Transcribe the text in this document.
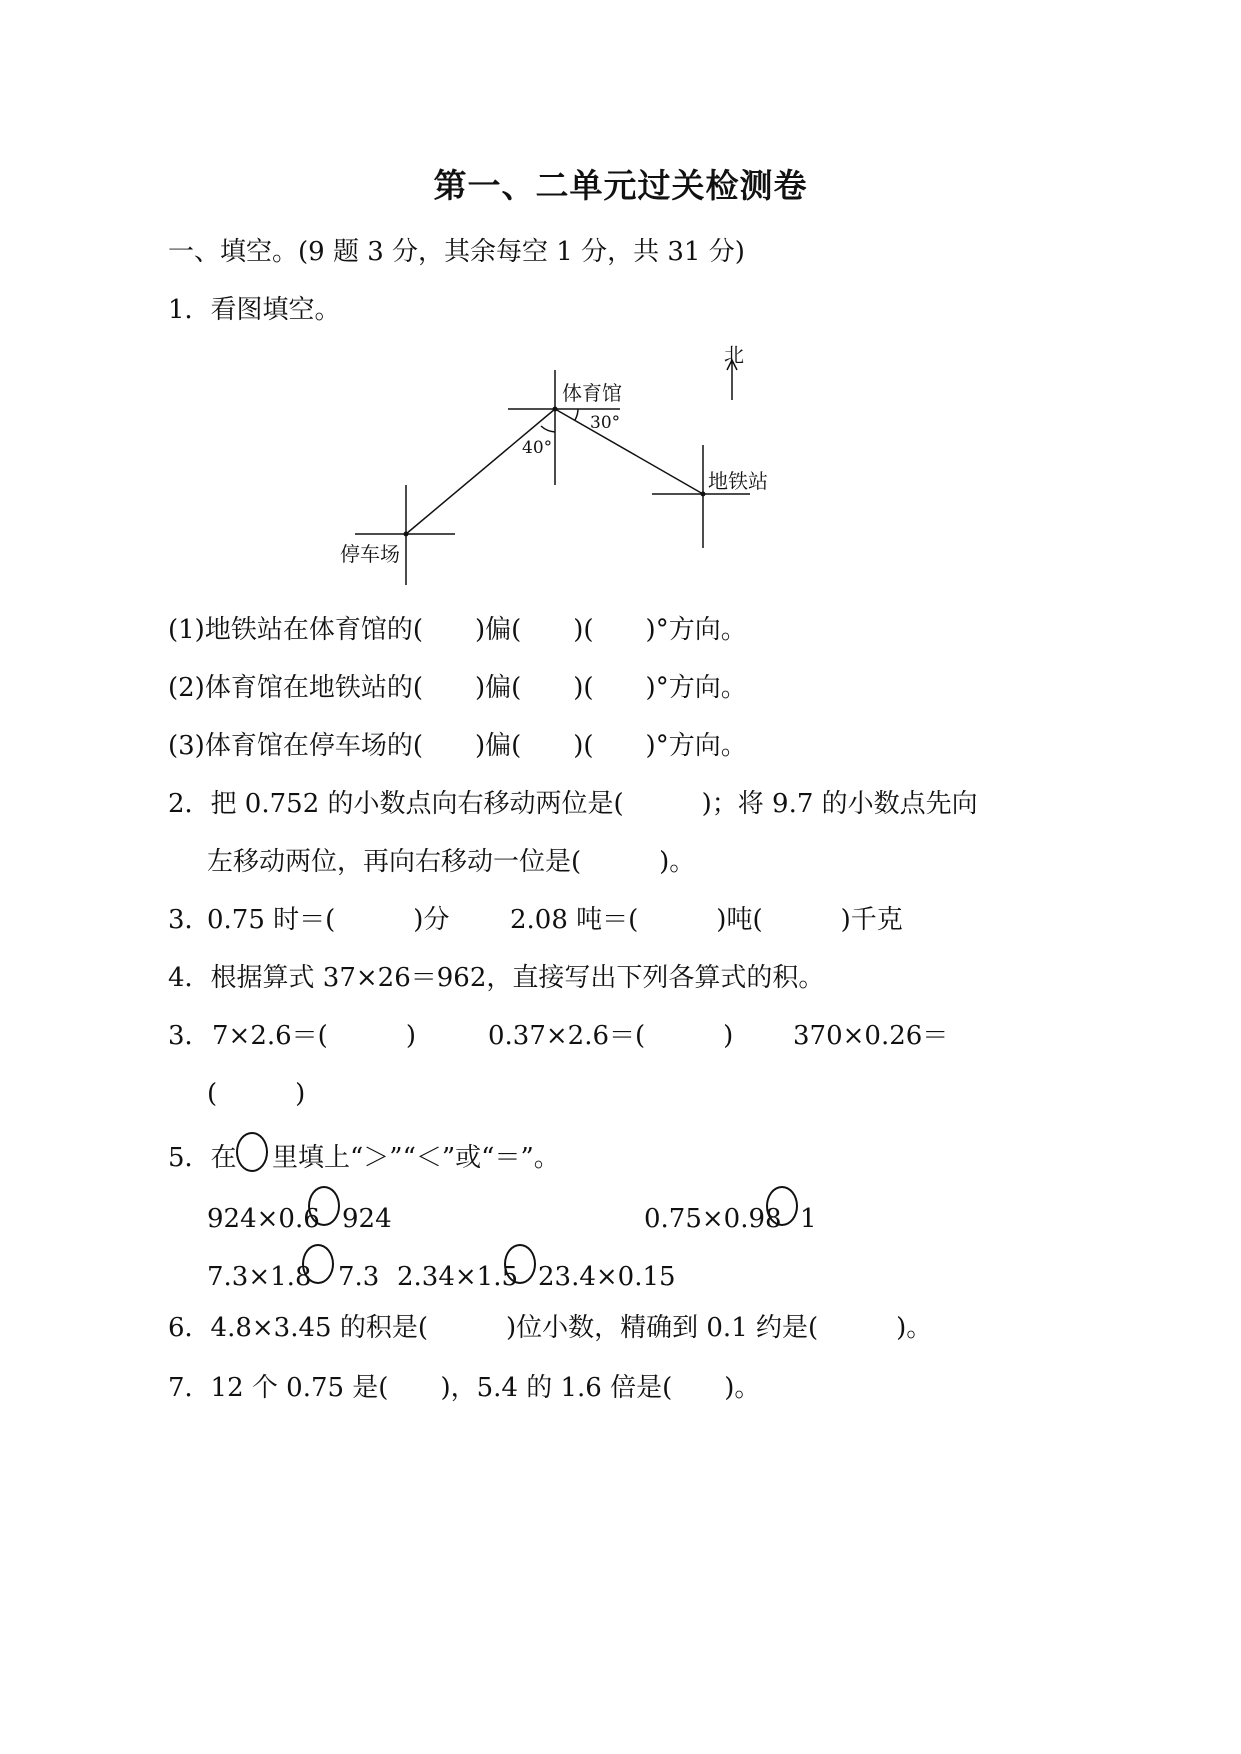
第一、二单元过关检测卷
一、填空。(9 题 3 分，其余每空 1 分，共 31 分)
1．看图填空。
北
体育馆
30°
40°
地铁站
停车场
(1)地铁站在体育馆的(　　)偏(　　)(　　)°方向。
(2)体育馆在地铁站的(　　)偏(　　)(　　)°方向。
(3)体育馆在停车场的(　　)偏(　　)(　　)°方向。
2．把 0.752 的小数点向右移动两位是(　　　)；将 9.7 的小数点先向
左移动两位，再向右移动一位是(　　　)。
3．
0.75 时＝(　　　)分 2.08 吨＝(　　　)吨(　　　)千克
4．根据算式 37×26＝962，直接写出下列各算式的积。
3． 7×2.6＝(　　　)	0.37×2.6＝(　　　) 370×0.26＝
(　　　)
5．在 里填上“＞”“＜”或“＝”。
924×0.6 924	0.75×0.98 1
7.3×1.8 7.3 2.34×1.5 23.4×0.15
6．4.8×3.45 的积是(　　　)位小数，精确到 0.1 约是(　　　)。
7．12 个 0.75 是(　　)，5.4 的 1.6 倍是(　　)。
